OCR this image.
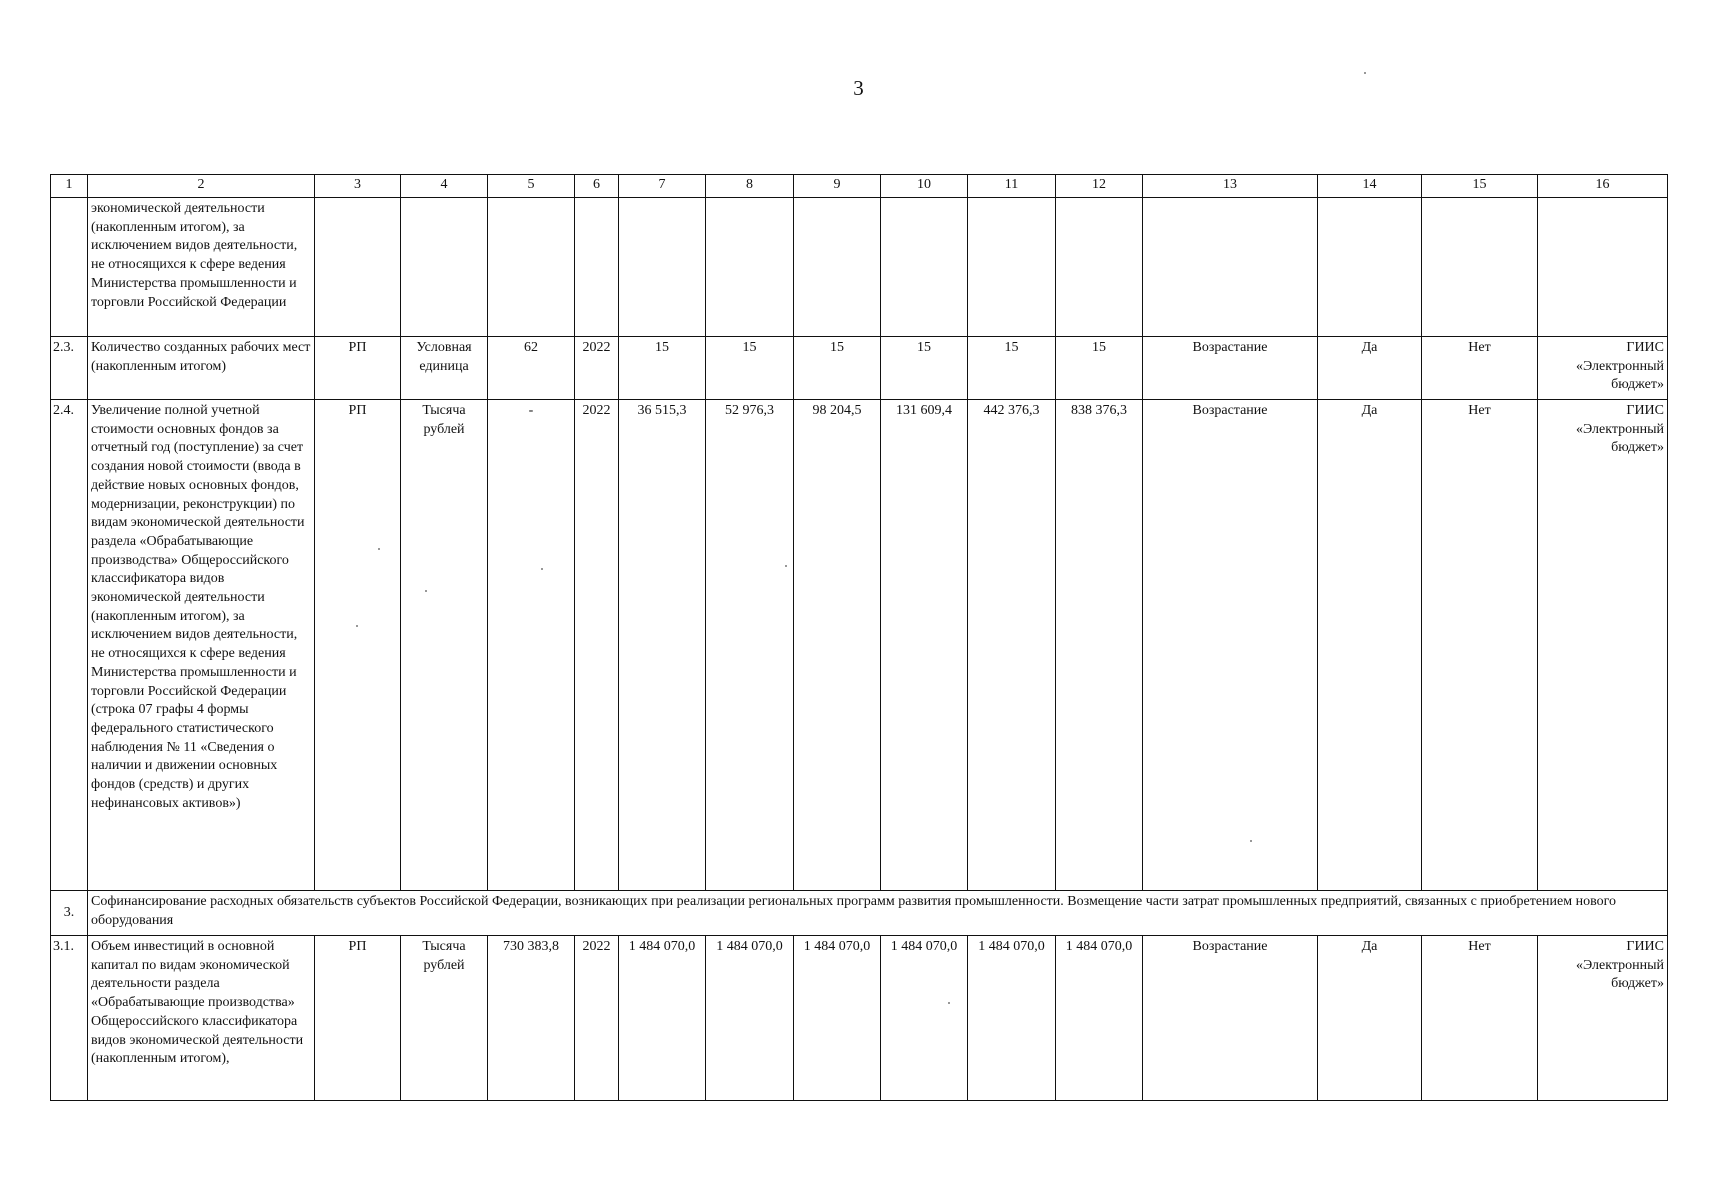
3
1	2	3	4	5	6	7	8	9	10	11	12	13	14	15	16
	экономической деятельности (накопленным итогом), за исключением видов деятельности, не относящихся к сфере ведения Министерства промышленности и торговли Российской Федерации														
2.3.	Количество созданных рабочих мест (накопленным итогом)	РП	Условная единица	62	2022	15	15	15	15	15	15	Возрастание	Да	Нет	ГИИС «Электронный бюджет»
2.4.	Увеличение полной учетной стоимости основных фондов за отчетный год (поступление) за счет создания новой стоимости (ввода в действие новых основных фондов, модернизации, реконструкции) по видам экономической деятельности раздела «Обрабатывающие производства» Общероссийского классификатора видов экономической деятельности (накопленным итогом), за исключением видов деятельности, не относящихся к сфере ведения Министерства промышленности и торговли Российской Федерации (строка 07 графы 4 формы федерального статистического наблюдения № 11 «Сведения о наличии и движении основных фондов (средств) и других нефинансовых активов»)	РП	Тысяча рублей	-	2022	36 515,3	52 976,3	98 204,5	131 609,4	442 376,3	838 376,3	Возрастание	Да	Нет	ГИИС «Электронный бюджет»
3.	Софинансирование расходных обязательств субъектов Российской Федерации, возникающих при реализации региональных программ развития промышленности. Возмещение части затрат промышленных предприятий, связанных с приобретением нового оборудования														
3.1.	Объем инвестиций в основной капитал по видам экономической деятельности раздела «Обрабатывающие производства» Общероссийского классификатора видов экономической деятельности (накопленным итогом),	РП	Тысяча рублей	730 383,8	2022	1 484 070,0	1 484 070,0	1 484 070,0	1 484 070,0	1 484 070,0	1 484 070,0	Возрастание	Да	Нет	ГИИС «Электронный бюджет»
